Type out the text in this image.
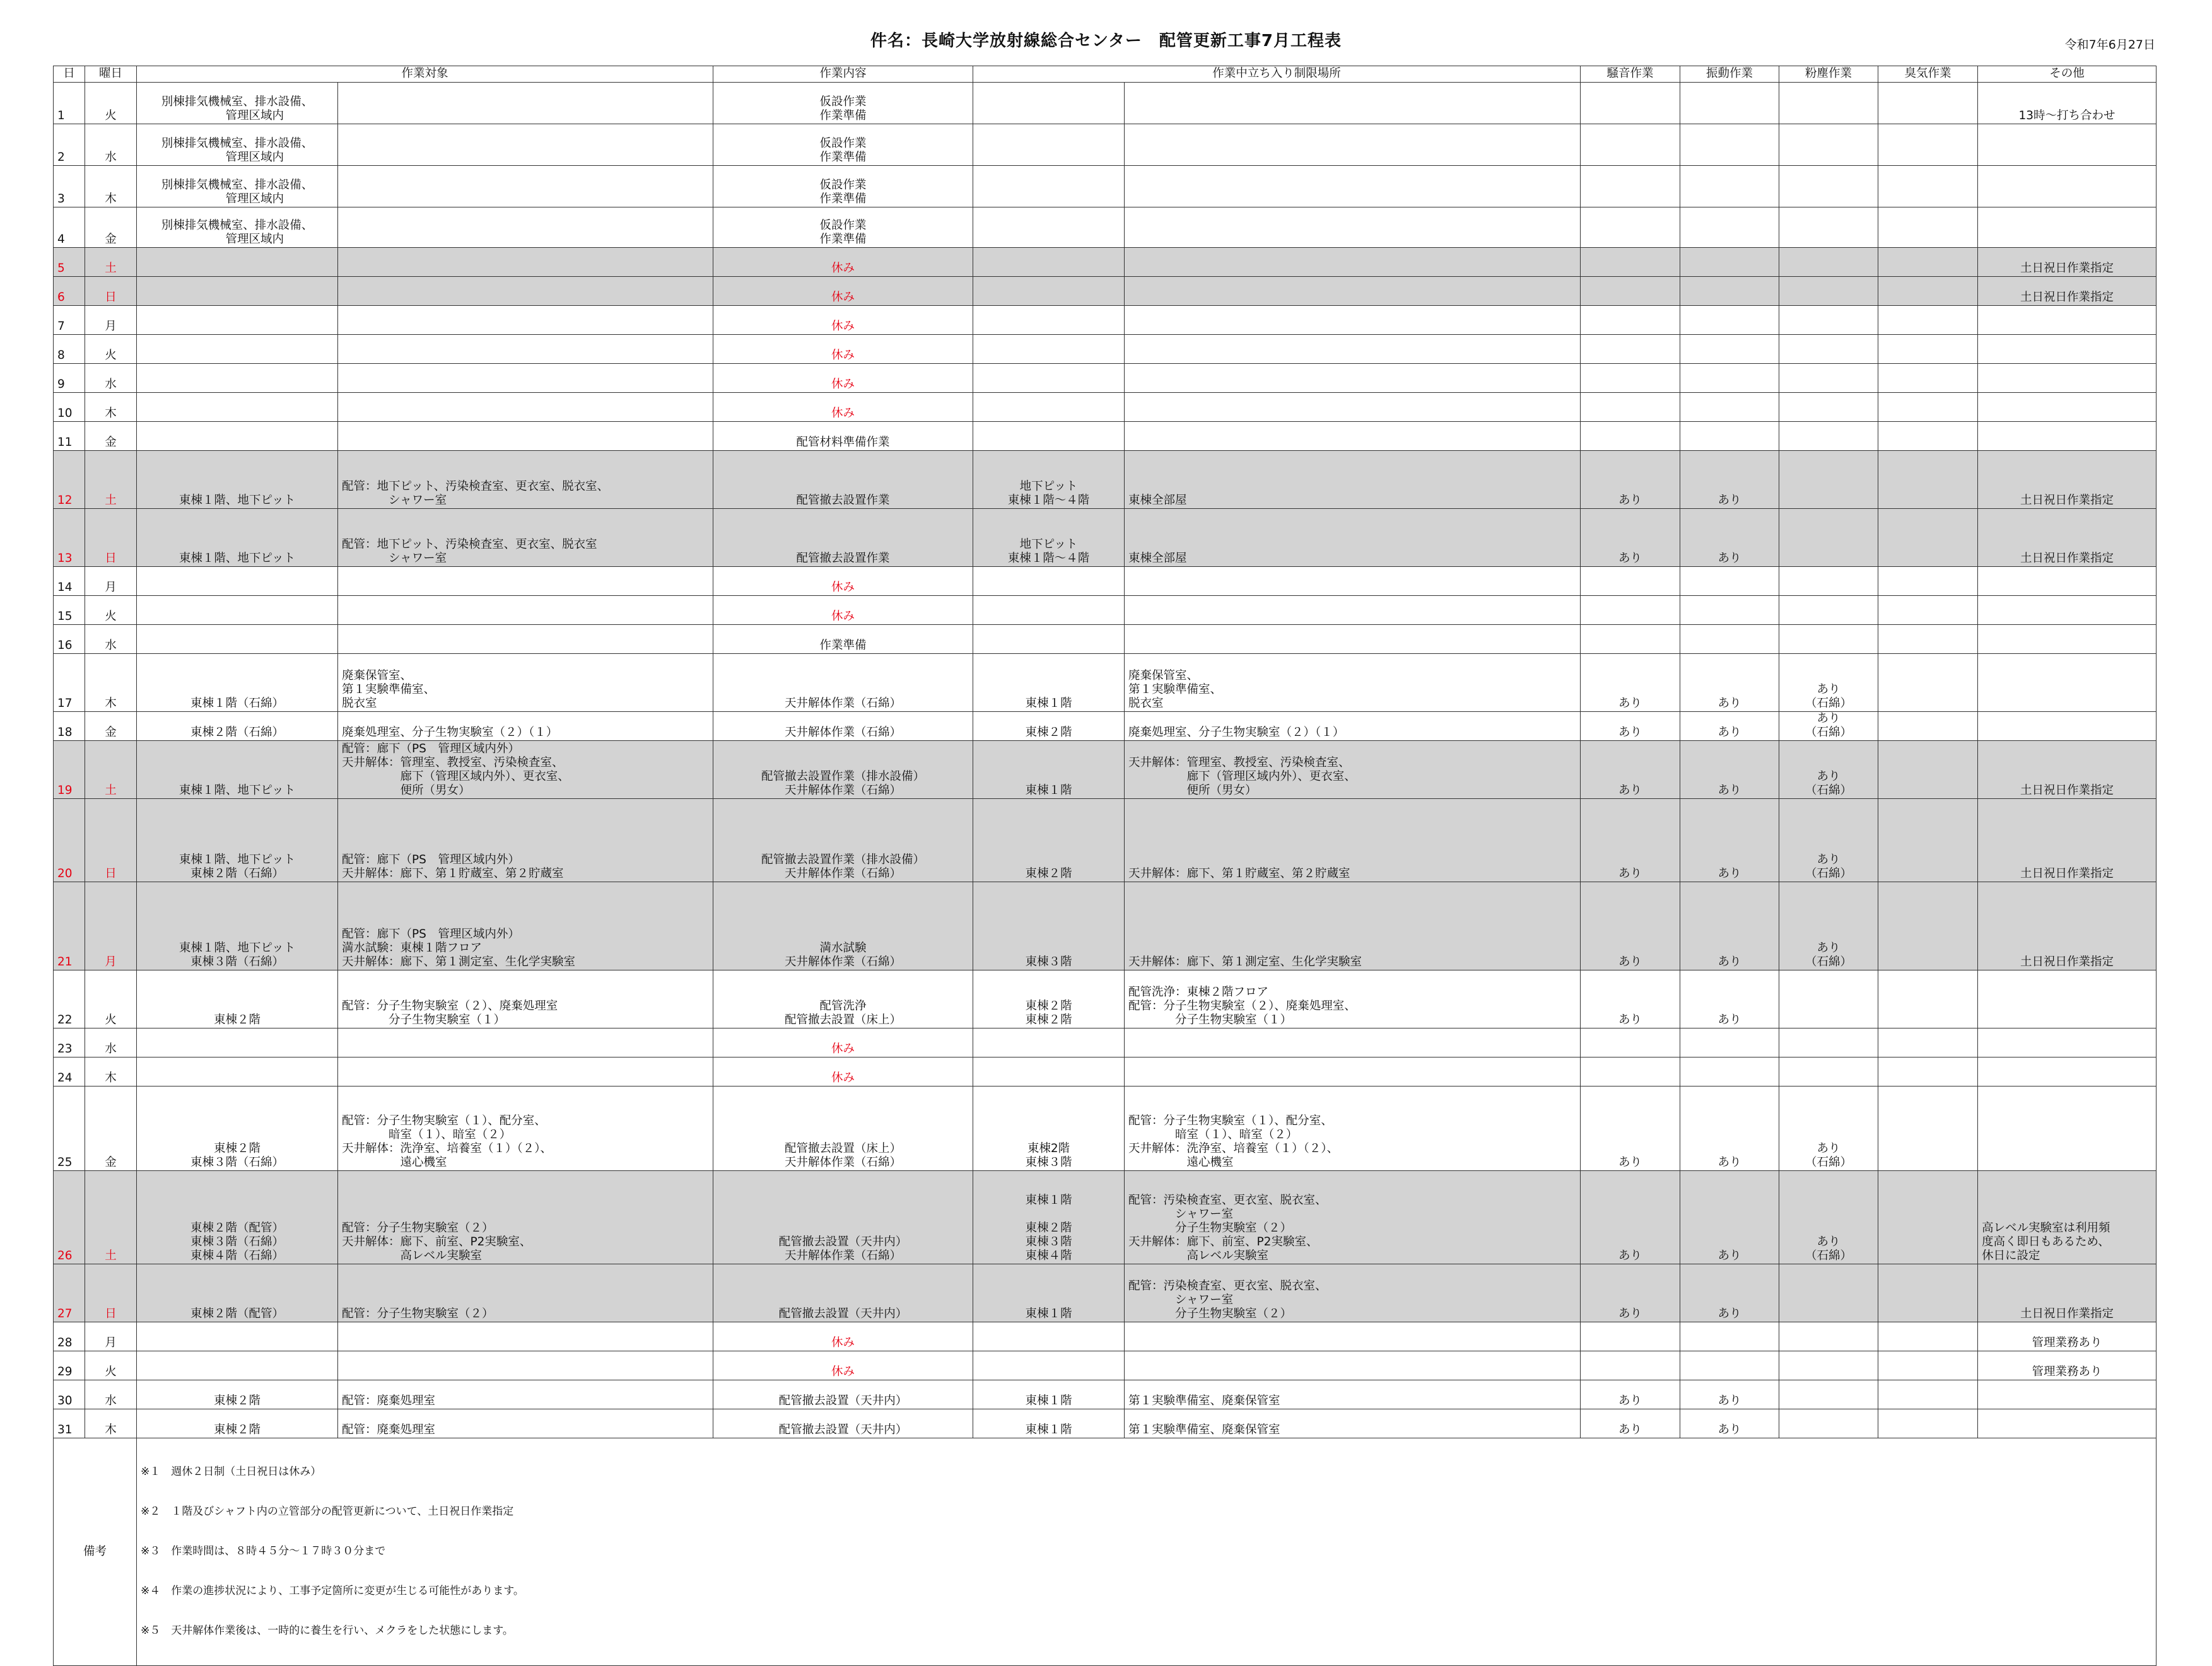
件名：長崎大学放射線総合センター　配管更新工事7月工程表	令和7年6月27日
日	曜日	作業対象		作業内容	作業中立ち入り制限場所		騒音作業	振動作業	粉塵作業	臭気作業	その他
1	火	別棟排気機械室、排水設備、
　　　管理区域内		仮設作業
作業準備							13時～打ち合わせ
2	水	別棟排気機械室、排水設備、
　　　管理区域内		仮設作業
作業準備							
3	木	別棟排気機械室、排水設備、
　　　管理区域内		仮設作業
作業準備							
4	金	別棟排気機械室、排水設備、
　　　管理区域内		仮設作業
作業準備							
5	土			休み							土日祝日作業指定
6	日			休み							土日祝日作業指定
7	月			休み							
8	火			休み							
9	水			休み							
10	木			休み							
11	金			配管材料準備作業							
12	土	東棟１階、地下ピット	配管：地下ピット、汚染検査室、更衣室、脱衣室、
　　　　シャワー室	配管撤去設置作業	地下ピット
東棟１階～４階	東棟全部屋	あり	あり			土日祝日作業指定
13	日	東棟１階、地下ピット	配管：地下ピット、汚染検査室、更衣室、脱衣室
　　　　シャワー室	配管撤去設置作業	地下ピット
東棟１階～４階	東棟全部屋	あり	あり			土日祝日作業指定
14	月			休み							
15	火			休み							
16	水			作業準備							
17	木	東棟１階（石綿）	廃棄保管室、
第１実験準備室、
脱衣室	天井解体作業（石綿）	東棟１階	廃棄保管室、
第１実験準備室、
脱衣室	あり	あり	あり
（石綿）		
18	金	東棟２階（石綿）	廃棄処理室、分子生物実験室（２）（１）	天井解体作業（石綿）	東棟２階	廃棄処理室、分子生物実験室（２）（１）	あり	あり	あり
（石綿）		
19	土	東棟１階、地下ピット	配管：廊下（PS　管理区域内外）
天井解体：管理室、教授室、汚染検査室、
　　　　　廊下（管理区域内外）、更衣室、
　　　　　便所（男女）	配管撤去設置作業（排水設備）
天井解体作業（石綿）	東棟１階	天井解体：管理室、教授室、汚染検査室、
　　　　　廊下（管理区域内外）、更衣室、
　　　　　便所（男女）	あり	あり	あり
（石綿）		土日祝日作業指定
20	日	東棟１階、地下ピット
東棟２階（石綿）	配管：廊下（PS　管理区域内外）
天井解体：廊下、第１貯蔵室、第２貯蔵室	配管撤去設置作業（排水設備）
天井解体作業（石綿）	東棟２階	天井解体：廊下、第１貯蔵室、第２貯蔵室	あり	あり	あり
（石綿）		土日祝日作業指定
21	月	東棟１階、地下ピット
東棟３階（石綿）	配管：廊下（PS　管理区域内外）
満水試験：東棟１階フロア
天井解体：廊下、第１測定室、生化学実験室	満水試験
天井解体作業（石綿）	東棟３階	天井解体：廊下、第１測定室、生化学実験室	あり	あり	あり
（石綿）		土日祝日作業指定
22	火	東棟２階	配管：分子生物実験室（２）、廃棄処理室
　　　　分子生物実験室（１）	配管洗浄
配管撤去設置（床上）	東棟２階
東棟２階	配管洗浄：東棟２階フロア
配管：分子生物実験室（２）、廃棄処理室、
　　　　分子生物実験室（１）	あり	あり			
23	水			休み							
24	木			休み							
25	金	東棟２階
東棟３階（石綿）	配管：分子生物実験室（１）、配分室、
　　　　暗室（１）、暗室（２）
天井解体：洗浄室、培養室（１）（２）、
　　　　　遠心機室	配管撤去設置（床上）
天井解体作業（石綿）	東棟2階
東棟３階	配管：分子生物実験室（１）、配分室、
　　　　暗室（１）、暗室（２）
天井解体：洗浄室、培養室（１）（２）、
　　　　　遠心機室	あり	あり	あり
（石綿）		
26	土	東棟２階（配管）
東棟３階（石綿）
東棟４階（石綿）	配管：分子生物実験室（２）
天井解体：廊下、前室、P2実験室、
　　　　　高レベル実験室	配管撤去設置（天井内）
天井解体作業（石綿）	東棟１階

東棟２階
東棟３階
東棟４階	配管：汚染検査室、更衣室、脱衣室、
　　　　シャワー室
　　　　分子生物実験室（２）
天井解体：廊下、前室、P2実験室、
　　　　　高レベル実験室	あり	あり	あり
（石綿）		高レベル実験室は利用頻
度高く即日もあるため、
休日に設定
27	日	東棟２階（配管）	配管：分子生物実験室（２）	配管撤去設置（天井内）	東棟１階	配管：汚染検査室、更衣室、脱衣室、
　　　　シャワー室
　　　　分子生物実験室（２）	あり	あり			土日祝日作業指定
28	月			休み							管理業務あり
29	火			休み							管理業務あり
30	水	東棟２階	配管：廃棄処理室	配管撤去設置（天井内）	東棟１階	第１実験準備室、廃棄保管室	あり	あり			
31	木	東棟２階	配管：廃棄処理室	配管撤去設置（天井内）	東棟１階	第１実験準備室、廃棄保管室	あり	あり			
備考		※１　週休２日制（土日祝日は休み）

※２　１階及びシャフト内の立管部分の配管更新について、土日祝日作業指定

※３　作業時間は、８時４５分～１７時３０分まで

※４　作業の進捗状況により、工事予定箇所に変更が生じる可能性があります。

※５　天井解体作業後は、一時的に養生を行い、メクラをした状態にします。									
